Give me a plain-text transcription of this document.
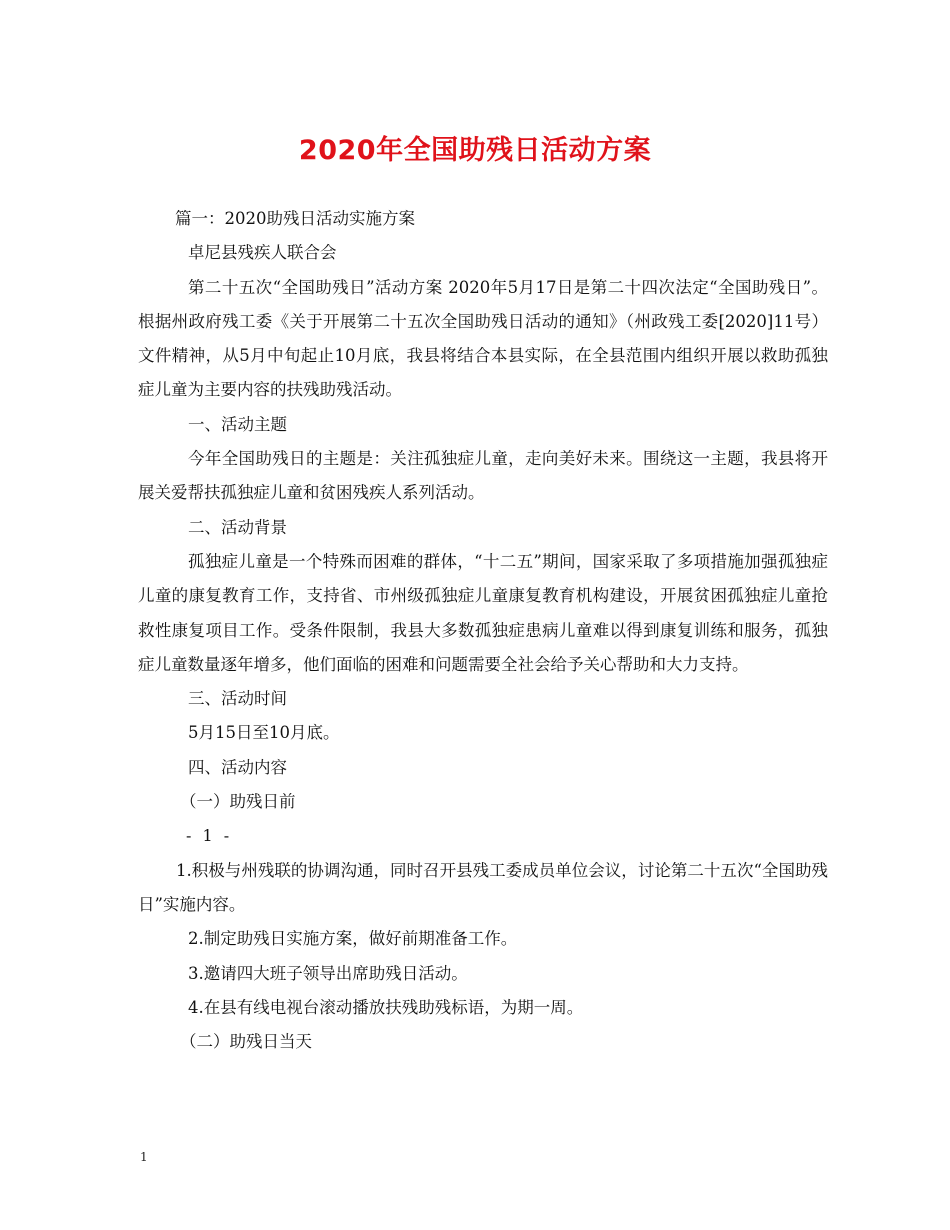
2020年全国助残日活动方案

篇一：2020助残日活动实施方案

卓尼县残疾人联合会

第二十五次“全国助残日”活动方案 2020年5月17日是第二十四次法定“全国助残日”。根据州政府残工委《关于开展第二十五次全国助残日活动的通知》（州政残工委[2020]11号）文件精神，从5月中旬起止10月底，我县将结合本县实际，在全县范围内组织开展以救助孤独症儿童为主要内容的扶残助残活动。

一、活动主题

今年全国助残日的主题是：关注孤独症儿童，走向美好未来。围绕这一主题，我县将开展关爱帮扶孤独症儿童和贫困残疾人系列活动。

二、活动背景

孤独症儿童是一个特殊而困难的群体，“十二五”期间，国家采取了多项措施加强孤独症儿童的康复教育工作，支持省、市州级孤独症儿童康复教育机构建设，开展贫困孤独症儿童抢救性康复项目工作。受条件限制，我县大多数孤独症患病儿童难以得到康复训练和服务，孤独症儿童数量逐年增多，他们面临的困难和问题需要全社会给予关心帮助和大力支持。

三、活动时间

5月15日至10月底。

四、活动内容

（一）助残日前

- 1 -

1.积极与州残联的协调沟通，同时召开县残工委成员单位会议，讨论第二十五次“全国助残日”实施内容。

2.制定助残日实施方案，做好前期准备工作。

3.邀请四大班子领导出席助残日活动。

4.在县有线电视台滚动播放扶残助残标语，为期一周。

（二）助残日当天

1
